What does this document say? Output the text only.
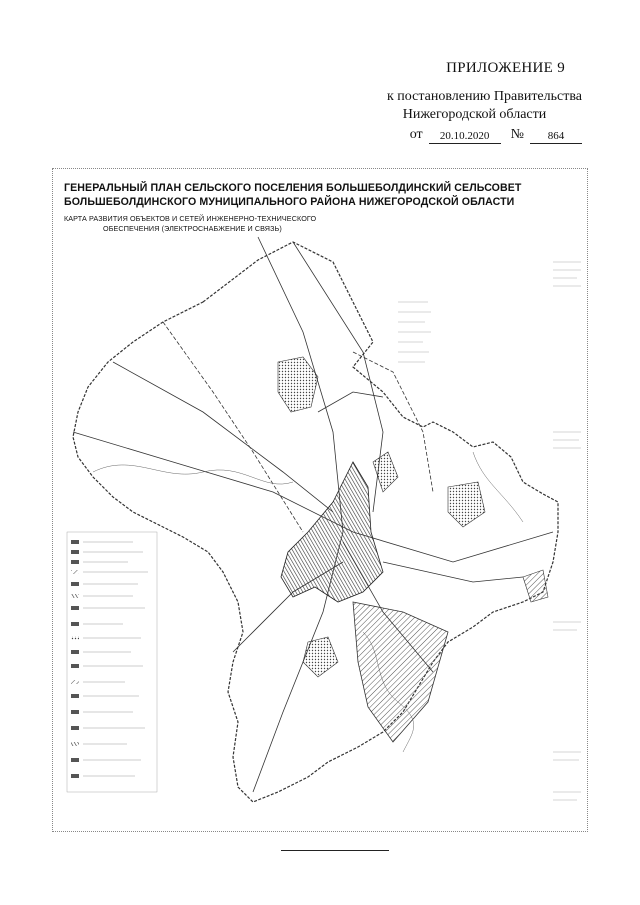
ПРИЛОЖЕНИЕ 9
к постановлению Правительства
Нижегородской области
от	20.10.2020	№	864
ГЕНЕРАЛЬНЫЙ ПЛАН СЕЛЬСКОГО ПОСЕЛЕНИЯ БОЛЬШЕБОЛДИНСКИЙ СЕЛЬСОВЕТ
БОЛЬШЕБОЛДИНСКОГО МУНИЦИПАЛЬНОГО РАЙОНА НИЖЕГОРОДСКОЙ ОБЛАСТИ
КАРТА РАЗВИТИЯ ОБЪЕКТОВ И СЕТЕЙ ИНЖЕНЕРНО-ТЕХНИЧЕСКОГО
ОБЕСПЕЧЕНИЯ (ЭЛЕКТРОСНАБЖЕНИЕ И СВЯЗЬ)
